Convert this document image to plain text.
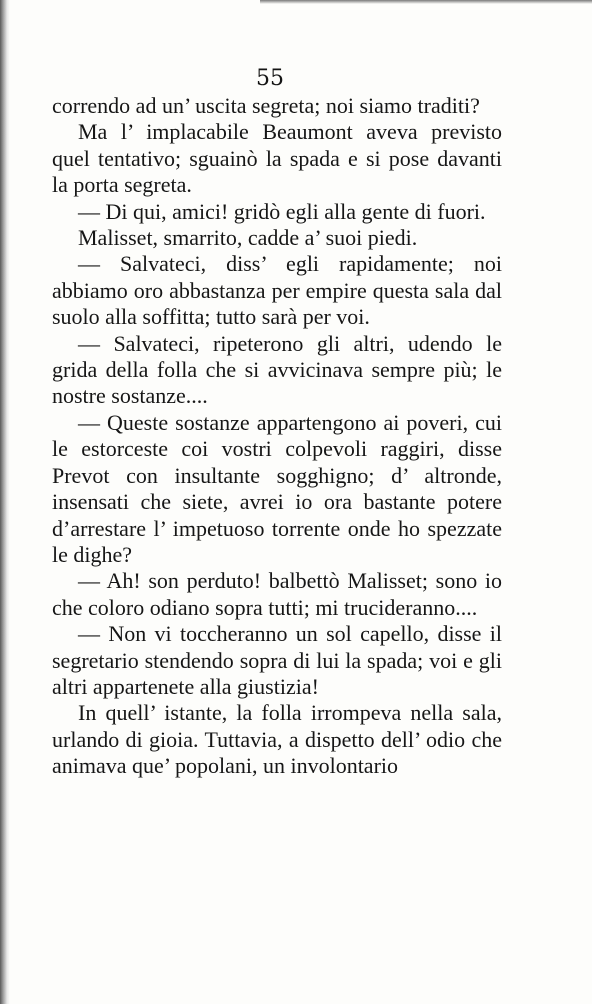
55

correndo ad un’ uscita segreta; noi siamo traditi?

Ma l’ implacabile Beaumont aveva previsto quel tentativo; sguainò la spada e si pose davanti la porta segreta.

— Di qui, amici! gridò egli alla gente di fuori.

Malisset, smarrito, cadde a’ suoi piedi.

— Salvateci, diss’ egli rapidamente; noi abbiamo oro abbastanza per empire questa sala dal suolo alla soffitta; tutto sarà per voi.

— Salvateci, ripeterono gli altri, udendo le grida della folla che si avvicinava sempre più; le nostre sostanze....

— Queste sostanze appartengono ai poveri, cui le estorceste coi vostri colpevoli raggiri, disse Prevot con insultante sogghigno; d’ altronde, insensati che siete, avrei io ora bastante potere d’arrestare l’ impetuoso torrente onde ho spezzate le dighe?

— Ah! son perduto! balbettò Malisset; sono io che coloro odiano sopra tutti; mi trucideranno....

— Non vi toccheranno un sol capello, disse il segretario stendendo sopra di lui la spada; voi e gli altri appartenete alla giustizia!

In quell’ istante, la folla irrompeva nella sala, urlando di gioia. Tuttavia, a dispetto dell’ odio che animava que’ popolani, un involontario
